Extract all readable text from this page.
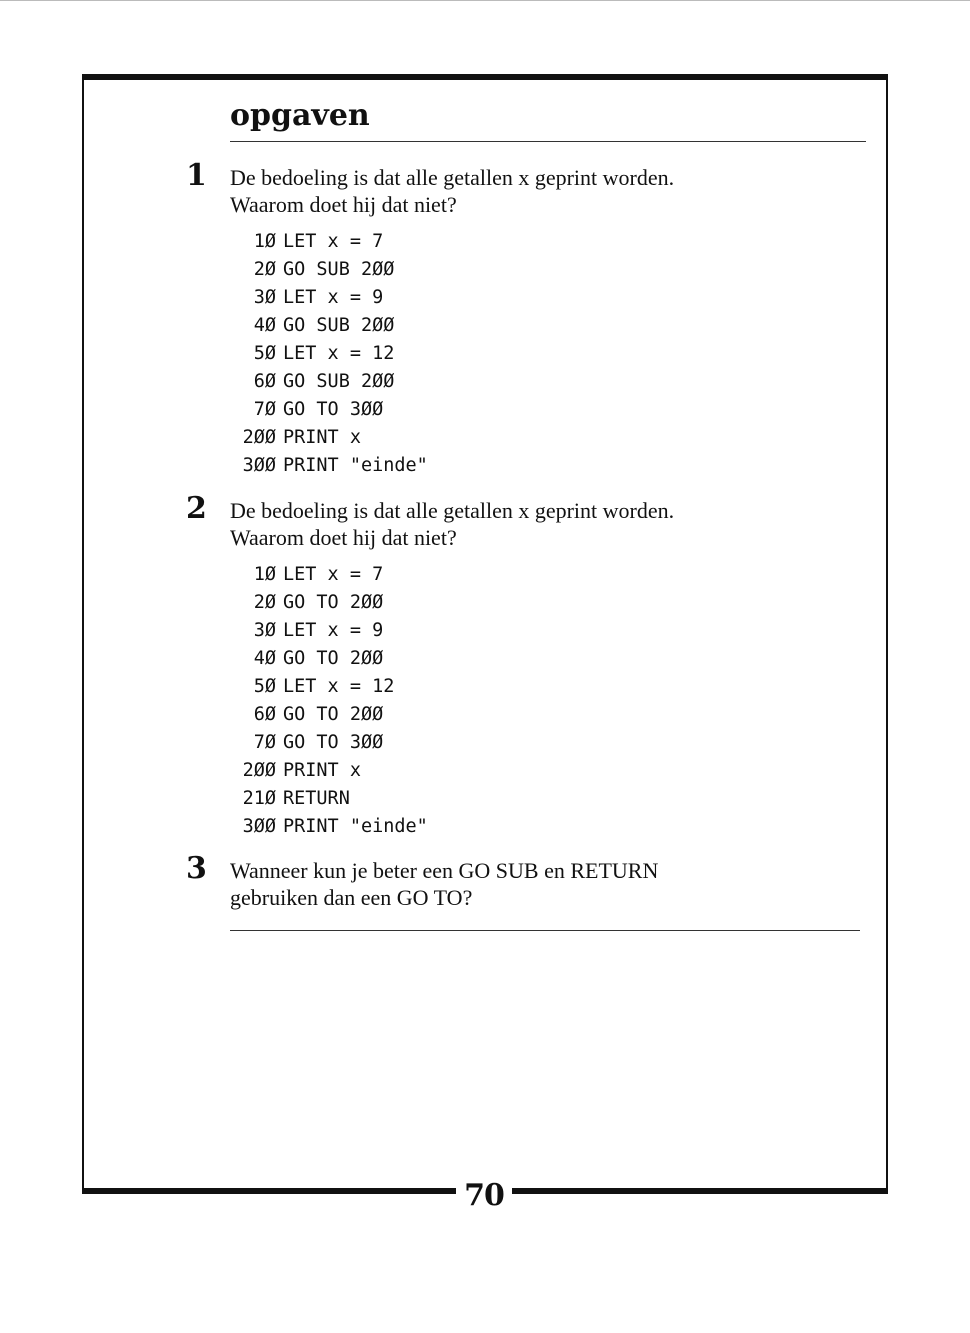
70
opgaven
1 De bedoeling is dat alle getallen x geprint worden.
Waarom doet hij dat niet?
1Ø LET x = 7
2Ø GO SUB 2ØØ
3Ø LET x = 9
4Ø GO SUB 2ØØ
5Ø LET x = 12
6Ø GO SUB 2ØØ
7Ø GO TO 3ØØ
2ØØ PRINT x
3ØØ PRINT "einde"
2 De bedoeling is dat alle getallen x geprint worden.
Waarom doet hij dat niet?
1Ø LET x = 7
2Ø GO TO 2ØØ
3Ø LET x = 9
4Ø GO TO 2ØØ
5Ø LET x = 12
6Ø GO TO 2ØØ
7Ø GO TO 3ØØ
2ØØ PRINT x
21Ø RETURN
3ØØ PRINT "einde"
3 Wanneer kun je beter een GO SUB en RETURN
gebruiken dan een GO TO?
